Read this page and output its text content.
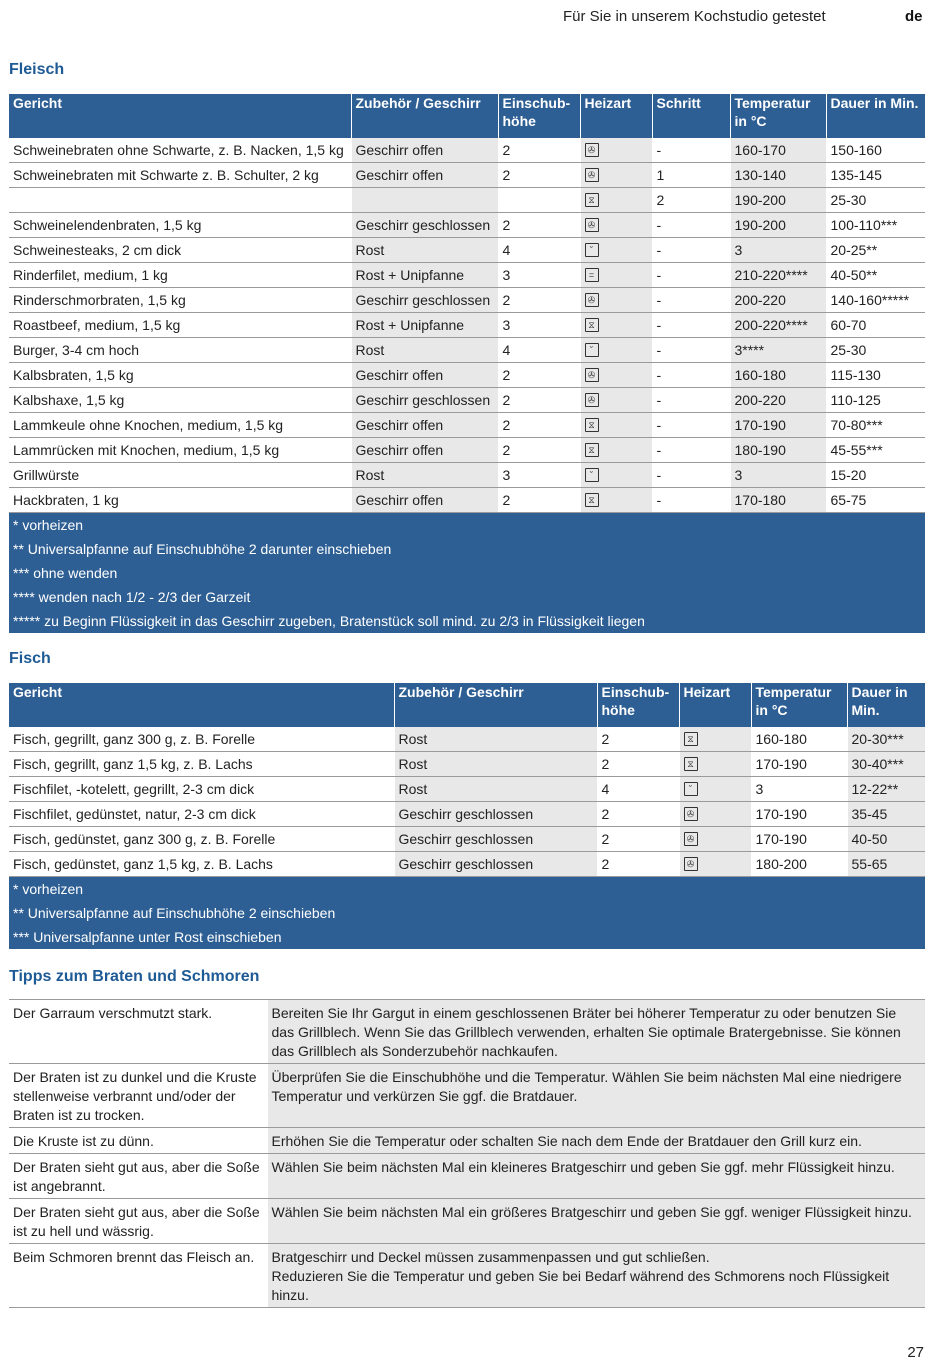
Für Sie in unserem Kochstudio getestet	de
Fleisch
Gericht	Zubehör / Geschirr	Einschub-
höhe	Heizart	Schritt	Temperatur
in °C	Dauer in Min.
Schweinebraten ohne Schwarte, z. B. Nacken, 1,5 kg	Geschirr offen	2	✇	-	160-170	150-160
Schweinebraten mit Schwarte z. B. Schulter, 2 kg	Geschirr offen	2	✇	1	130-140	135-145
			⧖	2	190-200	25-30
Schweinelendenbraten, 1,5 kg	Geschirr geschlossen	2	✇	-	190-200	100-110***
Schweinesteaks, 2 cm dick	Rost	4	˘	-	3	20-25**
Rinderfilet, medium, 1 kg	Rost + Unipfanne	3	=	-	210-220****	40-50**
Rinderschmorbraten, 1,5 kg	Geschirr geschlossen	2	✇	-	200-220	140-160*****
Roastbeef, medium, 1,5 kg	Rost + Unipfanne	3	⧖	-	200-220****	60-70
Burger, 3-4 cm hoch	Rost	4	˘	-	3****	25-30
Kalbsbraten, 1,5 kg	Geschirr offen	2	✇	-	160-180	115-130
Kalbshaxe, 1,5 kg	Geschirr geschlossen	2	✇	-	200-220	110-125
Lammkeule ohne Knochen, medium, 1,5 kg	Geschirr offen	2	⧖	-	170-190	70-80***
Lammrücken mit Knochen, medium, 1,5 kg	Geschirr offen	2	⧖	-	180-190	45-55***
Grillwürste	Rost	3	˘	-	3	15-20
Hackbraten, 1 kg	Geschirr offen	2	⧖	-	170-180	65-75
* vorheizen						
** Universalpfanne auf Einschubhöhe 2 darunter einschieben						
*** ohne wenden						
**** wenden nach 1/2 - 2/3 der Garzeit						
***** zu Beginn Flüssigkeit in das Geschirr zugeben, Bratenstück soll mind. zu 2/3 in Flüssigkeit liegen						
Fisch
Gericht	Zubehör / Geschirr	Einschub-
höhe	Heizart	Temperatur
in °C	Dauer in
Min.
Fisch, gegrillt, ganz 300 g, z. B. Forelle	Rost	2	⧖	160-180	20-30***
Fisch, gegrillt, ganz 1,5 kg, z. B. Lachs	Rost	2	⧖	170-190	30-40***
Fischfilet, -kotelett, gegrillt, 2-3 cm dick	Rost	4	˘	3	12-22**
Fischfilet, gedünstet, natur, 2-3 cm dick	Geschirr geschlossen	2	✇	170-190	35-45
Fisch, gedünstet, ganz 300 g, z. B. Forelle	Geschirr geschlossen	2	✇	170-190	40-50
Fisch, gedünstet, ganz 1,5 kg, z. B. Lachs	Geschirr geschlossen	2	✇	180-200	55-65
* vorheizen					
** Universalpfanne auf Einschubhöhe 2 einschieben					
*** Universalpfanne unter Rost einschieben					
Tipps zum Braten und Schmoren
Der Garraum verschmutzt stark.	Bereiten Sie Ihr Gargut in einem geschlossenen Bräter bei höherer Temperatur zu oder benutzen Sie das Grillblech. Wenn Sie das Grillblech verwenden, erhalten Sie optimale Bratergebnisse. Sie können das Grillblech als Sonderzubehör nachkaufen.
Der Braten ist zu dunkel und die Kruste stellenweise verbrannt und/oder der Braten ist zu trocken.	Überprüfen Sie die Einschubhöhe und die Temperatur. Wählen Sie beim nächsten Mal eine niedrigere Temperatur und verkürzen Sie ggf. die Bratdauer.
Die Kruste ist zu dünn.	Erhöhen Sie die Temperatur oder schalten Sie nach dem Ende der Bratdauer den Grill kurz ein.
Der Braten sieht gut aus, aber die Soße ist angebrannt.	Wählen Sie beim nächsten Mal ein kleineres Bratgeschirr und geben Sie ggf. mehr Flüssigkeit hinzu.
Der Braten sieht gut aus, aber die Soße ist zu hell und wässrig.	Wählen Sie beim nächsten Mal ein größeres Bratgeschirr und geben Sie ggf. weniger Flüssigkeit hinzu.
Beim Schmoren brennt das Fleisch an.	Bratgeschirr und Deckel müssen zusammenpassen und gut schließen.
Reduzieren Sie die Temperatur und geben Sie bei Bedarf während des Schmorens noch Flüssigkeit hinzu.
27
